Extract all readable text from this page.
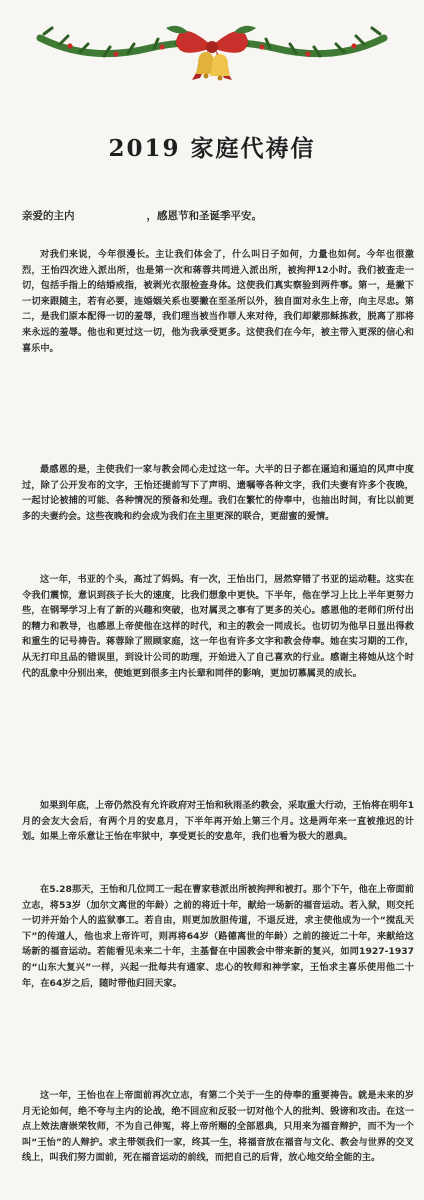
2019 家庭代祷信
亲爱的主内	，感恩节和圣诞季平安。
对我们来说，今年很漫长。主让我们体会了，什么叫日子如何，力量也如何。今年也很激烈，王怡四次进入派出所，也是第一次和蒋蓉共同进入派出所，被拘押12小时。我们被查走一切，包括手指上的结婚戒指，被剥光衣服检查身体。这使我们真实察验到两件事。第一，是撇下一切来跟随主，若有必要，连婚姻关系也要撇在至圣所以外，独自面对永生上帝，向主尽忠。第二，是我们原本配得一切的羞辱，我们理当被当作罪人来对待，我们却蒙那稣拣救，脱离了那将来永远的羞辱。他也和更过这一切，他为我承受更多。这使我们在今年，被主带入更深的信心和喜乐中。
最感恩的是，主使我们一家与教会同心走过这一年。大半的日子都在逼迫和逼迫的风声中度过，除了公开发布的文字，王怡还提前写下了声明、遗嘱等各种文字，我们夫妻有许多个夜晚，一起讨论被捕的可能、各种情况的预备和处理。我们在繁忙的侍奉中，也抽出时间，有比以前更多的夫妻约会。这些夜晚和约会成为我们在主里更深的联合，更甜蜜的爱情。
这一年，书亚的个头，高过了妈妈。有一次，王怡出门，居然穿错了书亚的运动鞋。这实在令我们震惊，意识到孩子长大的速度，比我们想象中更快。下半年，他在学习上比上半年更努力些，在钢琴学习上有了新的兴趣和突破，也对属灵之事有了更多的关心。感恩他的老师们所付出的精力和教导，也感恩上帝使他在这样的时代，和主的教会一同成长。也切切为他早日显出得救和重生的记号祷告。蒋蓉除了照顾家庭，这一年也有许多文字和教会侍奉。她在实习期的工作，从无打印且品的错误里，到设计公司的助理，开始进入了自己喜欢的行业。感谢主将她从这个时代的乱象中分别出来，使她更到很多主内长辈和同伴的影响，更加切慕属灵的成长。
如果到年底，上帝仍然没有允许政府对王怡和秋雨圣约教会，采取重大行动，王怡将在明年1月的会友大会后，有两个月的安息月，下半年再开始上第三个月。这是两年来一直被推迟的计划。如果上帝乐意让王怡在牢狱中，享受更长的安息年，我们也看为极大的恩典。
在5.28那天，王怡和几位同工一起在曹家巷派出所被拘押和被打。那个下午，他在上帝面前立志，将53岁（加尔文离世的年龄）之前的将近十年，献给一场新的福音运动。若入狱，则交托一切并开始个人的监狱事工。若自由，则更加放胆传道，不退反进，求主使他成为一个“搅乱天下”的传道人，他也求上帝许可，则再将64岁（路德离世的年龄）之前的接近二十年，来献给这场新的福音运动。若能看见未来二十年，主基督在中国教会中带来新的复兴，如同1927-1937的“山东大复兴”一样，兴起一批每共有通家、忠心的牧师和神学家，王怡求主喜乐使用他二十年，在64岁之后，随时带他归回天家。
这一年，王怡也在上帝面前再次立志，有第二个关于一生的侍奉的重要祷告。就是未来的岁月无论如何，绝不夸与主内的论战，绝不回应和反驳一切对他个人的批判、毁谤和攻击。在这一点上效法唐崇荣牧师，不为自己伸冤，将上帝所赐的全部恩典，只用来为福音辩护，而不为一个叫“王怡”的人辩护。求主带领我们一家，终其一生，将福音放在福音与文化、教会与世界的交叉线上，叫我们努力面前，死在福音运动的前线，而把自己的后背，放心地交给全能的主。
